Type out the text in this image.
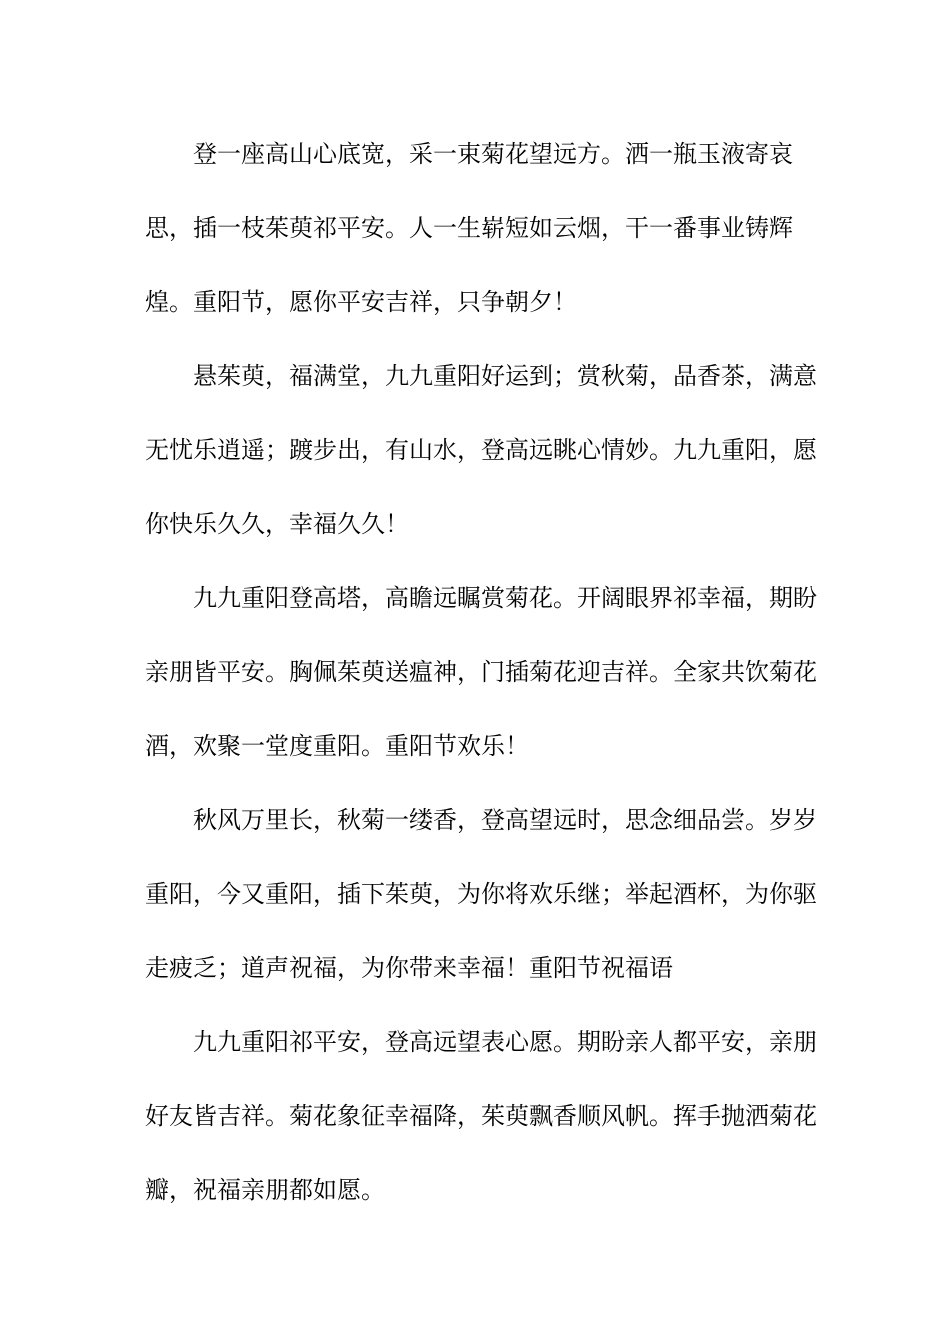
登一座高山心底宽，采一束菊花望远方。洒一瓶玉液寄哀思，插一枝茱萸祁平安。人一生崭短如云烟，干一番事业铸辉煌。重阳节，愿你平安吉祥，只争朝夕！

悬茱萸，福满堂，九九重阳好运到；赏秋菊，品香茶，满意无忧乐逍遥；踱步出，有山水，登高远眺心情妙。九九重阳，愿你快乐久久，幸福久久！

九九重阳登高塔，高瞻远瞩赏菊花。开阔眼界祁幸福，期盼亲朋皆平安。胸佩茱萸送瘟神，门插菊花迎吉祥。全家共饮菊花酒，欢聚一堂度重阳。重阳节欢乐！

秋风万里长，秋菊一缕香，登高望远时，思念细品尝。岁岁重阳，今又重阳，插下茱萸，为你将欢乐继；举起酒杯，为你驱走疲乏；道声祝福，为你带来幸福！重阳节祝福语

九九重阳祁平安，登高远望表心愿。期盼亲人都平安，亲朋好友皆吉祥。菊花象征幸福降，茱萸飘香顺风帆。挥手抛洒菊花瓣，祝福亲朋都如愿。
